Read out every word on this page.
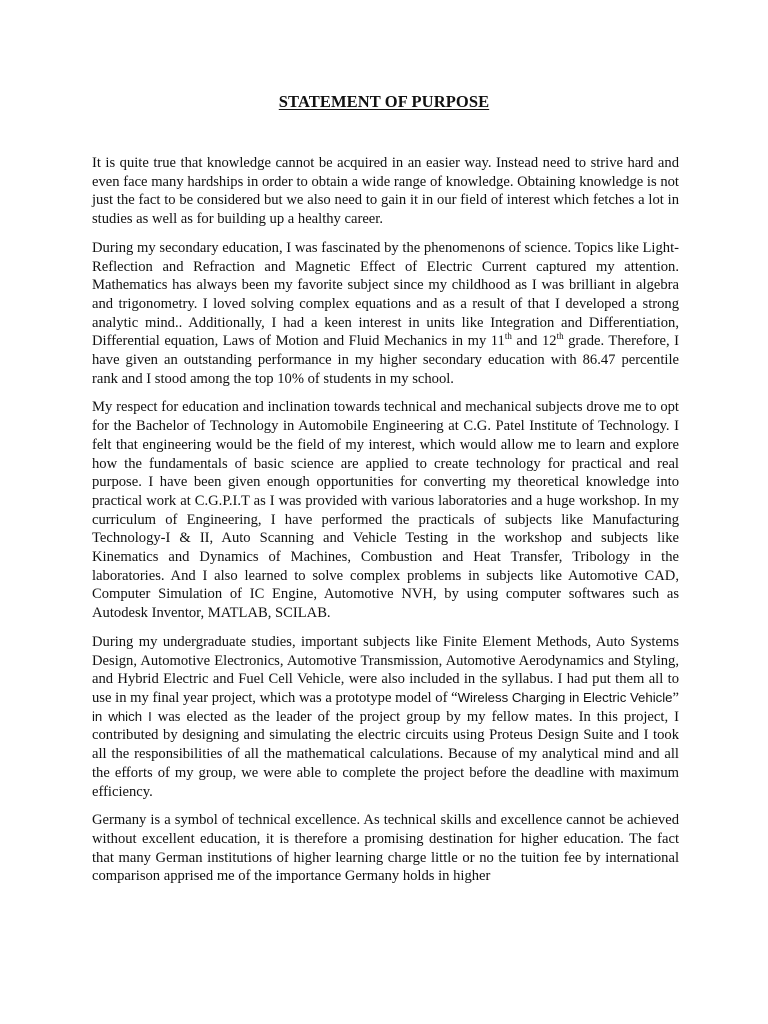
STATEMENT OF PURPOSE

It is quite true that knowledge cannot be acquired in an easier way. Instead need to strive hard and even face many hardships in order to obtain a wide range of knowledge. Obtaining knowledge is not just the fact to be considered but we also need to gain it in our field of interest which fetches a lot in studies as well as for building up a healthy career.

During my secondary education, I was fascinated by the phenomenons of science. Topics like Light-Reflection and Refraction and Magnetic Effect of Electric Current captured my attention. Mathematics has always been my favorite subject since my childhood as I was brilliant in algebra and trigonometry. I loved solving complex equations and as a result of that I developed a strong analytic mind.. Additionally, I had a keen interest in units like Integration and Differentiation, Differential equation, Laws of Motion and Fluid Mechanics in my 11th and 12th grade. Therefore, I have given an outstanding performance in my higher secondary education with 86.47 percentile rank and I stood among the top 10% of students in my school.

My respect for education and inclination towards technical and mechanical subjects drove me to opt for the Bachelor of Technology in Automobile Engineering at C.G. Patel Institute of Technology. I felt that engineering would be the field of my interest, which would allow me to learn and explore how the fundamentals of basic science are applied to create technology for practical and real purpose. I have been given enough opportunities for converting my theoretical knowledge into practical work at C.G.P.I.T as I was provided with various laboratories and a huge workshop. In my curriculum of Engineering, I have performed the practicals of subjects like Manufacturing Technology-I & II, Auto Scanning and Vehicle Testing in the workshop and subjects like Kinematics and Dynamics of Machines, Combustion and Heat Transfer, Tribology in the laboratories. And I also learned to solve complex problems in subjects like Automotive CAD, Computer Simulation of IC Engine, Automotive NVH, by using computer softwares such as Autodesk Inventor, MATLAB, SCILAB.

During my undergraduate studies, important subjects like Finite Element Methods, Auto Systems Design, Automotive Electronics, Automotive Transmission, Automotive Aerodynamics and Styling, and Hybrid Electric and Fuel Cell Vehicle, were also included in the syllabus. I had put them all to use in my final year project, which was a prototype model of “Wireless Charging in Electric Vehicle” in which I was elected as the leader of the project group by my fellow mates. In this project, I contributed by designing and simulating the electric circuits using Proteus Design Suite and I took all the responsibilities of all the mathematical calculations. Because of my analytical mind and all the efforts of my group, we were able to complete the project before the deadline with maximum efficiency.

Germany is a symbol of technical excellence. As technical skills and excellence cannot be achieved without excellent education, it is therefore a promising destination for higher education. The fact that many German institutions of higher learning charge little or no the tuition fee by international comparison apprised me of the importance Germany holds in higher
